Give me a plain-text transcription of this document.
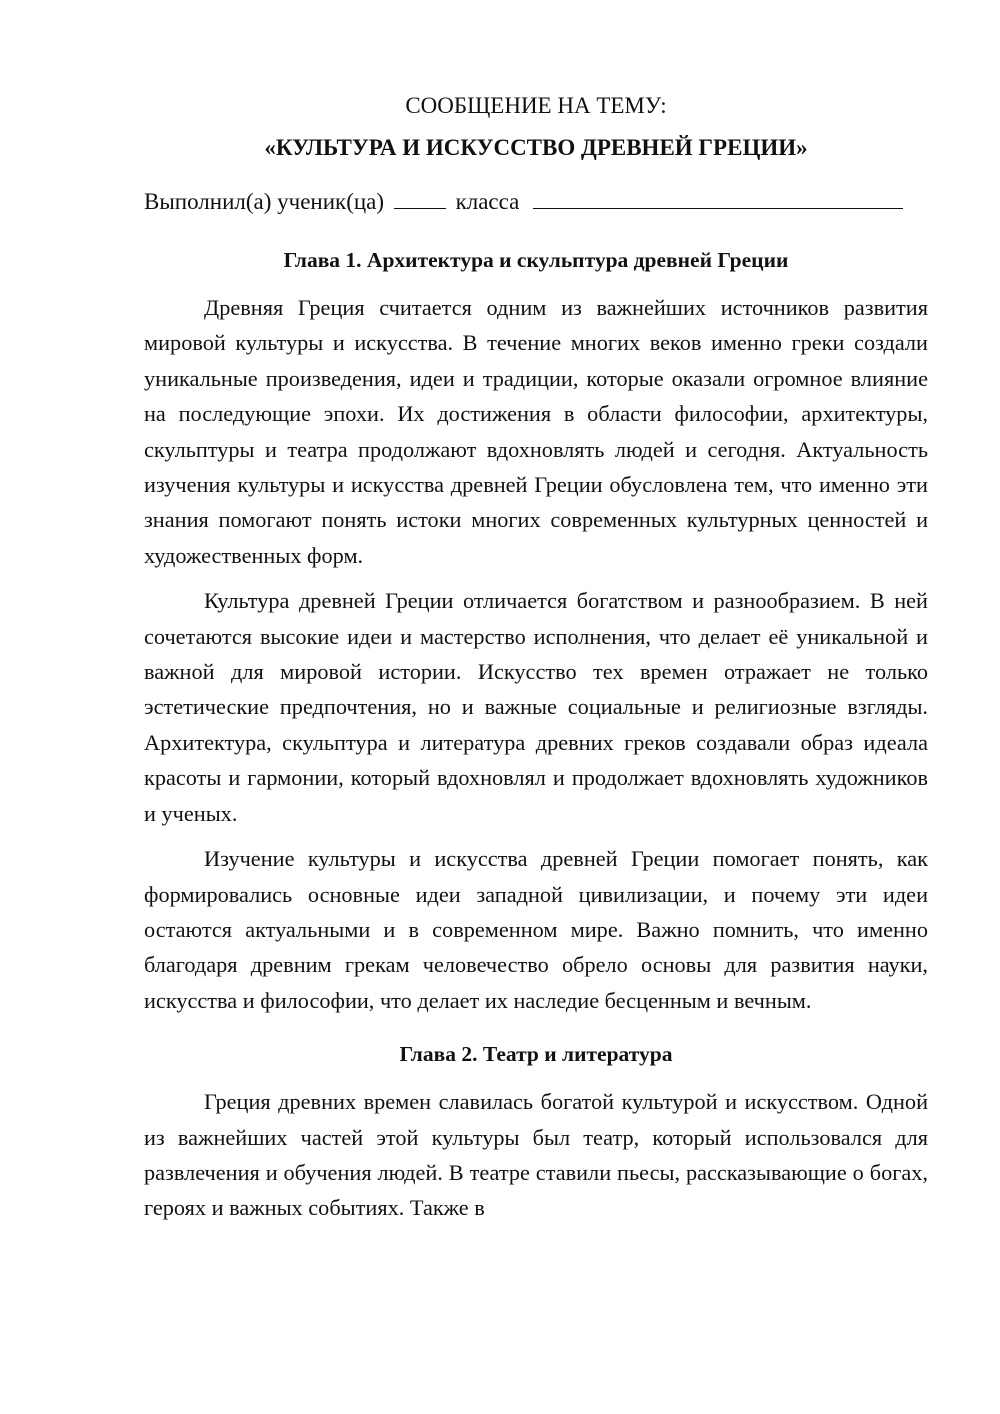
СООБЩЕНИЕ НА ТЕМУ:

«КУЛЬТУРА И ИСКУССТВО ДРЕВНЕЙ ГРЕЦИИ»

Выполнил(а) ученик(ца)	класса
Глава 1. Архитектура и скульптура древней Греции

Древняя Греция считается одним из важнейших источников развития мировой культуры и искусства. В течение многих веков именно греки создали уникальные произведения, идеи и традиции, которые оказали огромное влияние на последующие эпохи. Их достижения в области философии, архитектуры, скульптуры и театра продолжают вдохновлять людей и сегодня. Актуальность изучения культуры и искусства древней Греции обусловлена тем, что именно эти знания помогают понять истоки многих современных культурных ценностей и художественных форм.

Культура древней Греции отличается богатством и разнообразием. В ней сочетаются высокие идеи и мастерство исполнения, что делает её уникальной и важной для мировой истории. Искусство тех времен отражает не только эстетические предпочтения, но и важные социальные и религиозные взгляды. Архитектура, скульптура и литература древних греков создавали образ идеала красоты и гармонии, который вдохновлял и продолжает вдохновлять художников и ученых.

Изучение культуры и искусства древней Греции помогает понять, как формировались основные идеи западной цивилизации, и почему эти идеи остаются актуальными и в современном мире. Важно помнить, что именно благодаря древним грекам человечество обрело основы для развития науки, искусства и философии, что делает их наследие бесценным и вечным.

Глава 2. Театр и литература

Греция древних времен славилась богатой культурой и искусством. Одной из важнейших частей этой культуры был театр, который использовался для развлечения и обучения людей. В театре ставили пьесы, рассказывающие о богах, героях и важных событиях. Также в
